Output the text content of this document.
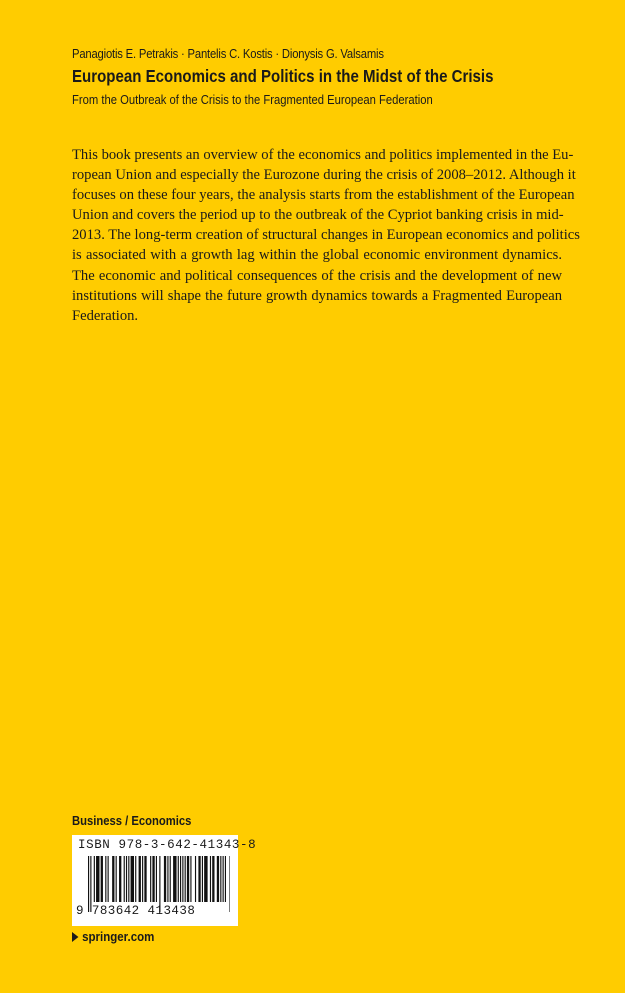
Panagiotis E. Petrakis · Pantelis C. Kostis · Dionysis G. Valsamis
European Economics and Politics in the Midst of the Crisis
From the Outbreak of the Crisis to the Fragmented European Federation
This book presents an overview of the economics and politics implemented in the Eu-
ropean Union and especially the Eurozone during the crisis of 2008–2012. Although it
focuses on these four years, the analysis starts from the establishment of the European
Union and covers the period up to the outbreak of the Cypriot banking crisis in mid-
2013. The long-term creation of structural changes in European economics and politics
is associated with a growth lag within the global economic environment dynamics.
The economic and political consequences of the crisis and the development of new
institutions will shape the future growth dynamics towards a Fragmented European
Federation.
Business / Economics
ISBN 978-3-642-41343-8
9 783642 413438
springer.com
